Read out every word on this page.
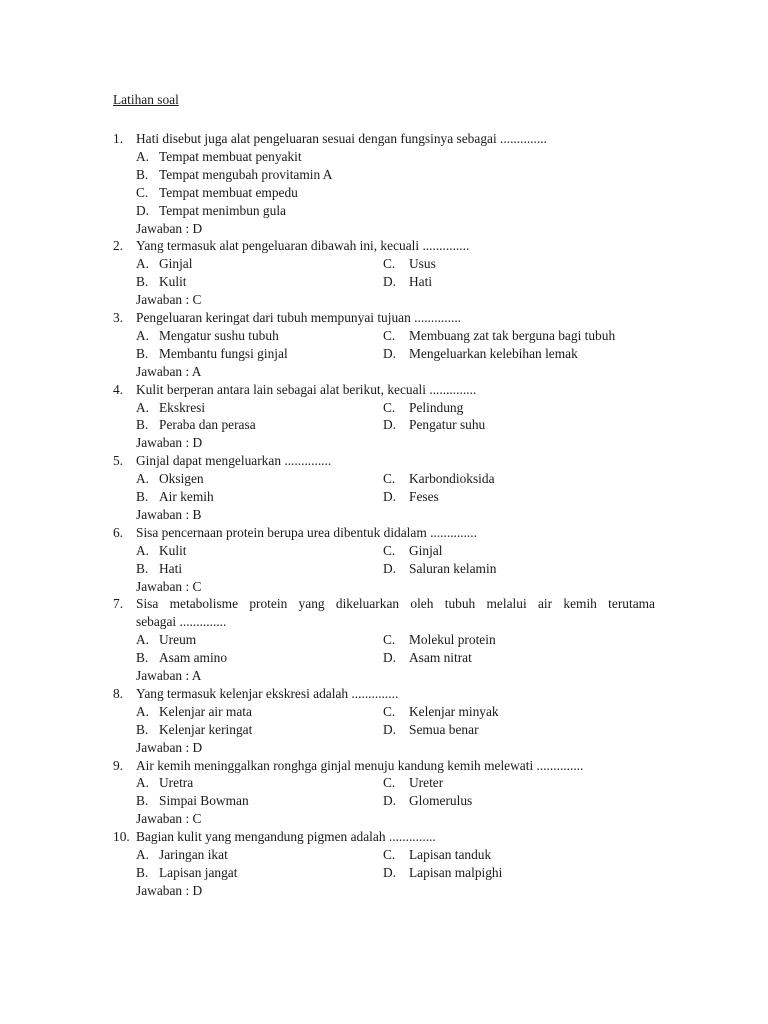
Latihan soal
1. Hati disebut juga alat pengeluaran sesuai dengan fungsinya sebagai ..............
A. Tempat membuat penyakit
B. Tempat mengubah provitamin A
C. Tempat membuat empedu
D. Tempat menimbun gula
Jawaban : D
2. Yang termasuk alat pengeluaran dibawah ini, kecuali ..............
A. Ginjal	C. Usus
B. Kulit	D. Hati
Jawaban : C
3. Pengeluaran keringat dari tubuh mempunyai tujuan ..............
A. Mengatur sushu tubuh	C. Membuang zat tak berguna bagi tubuh
B. Membantu fungsi ginjal	D. Mengeluarkan kelebihan lemak
Jawaban : A
4. Kulit berperan antara lain sebagai alat berikut, kecuali ..............
A. Ekskresi	C. Pelindung
B. Peraba dan perasa	D. Pengatur suhu
Jawaban : D
5. Ginjal dapat mengeluarkan ..............
A. Oksigen	C. Karbondioksida
B. Air kemih	D. Feses
Jawaban : B
6. Sisa pencernaan protein berupa urea dibentuk didalam ..............
A. Kulit	C. Ginjal
B. Hati	D. Saluran kelamin
Jawaban : C
7. Sisa metabolisme protein yang dikeluarkan oleh tubuh melalui air kemih terutama
sebagai ..............
A. Ureum	C. Molekul protein
B. Asam amino	D. Asam nitrat
Jawaban : A
8. Yang termasuk kelenjar ekskresi adalah ..............
A. Kelenjar air mata	C. Kelenjar minyak
B. Kelenjar keringat	D. Semua benar
Jawaban : D
9. Air kemih meninggalkan ronghga ginjal menuju kandung kemih melewati ..............
A. Uretra	C. Ureter
B. Simpai Bowman	D. Glomerulus
Jawaban : C
10. Bagian kulit yang mengandung pigmen adalah ..............
A. Jaringan ikat	C. Lapisan tanduk
B. Lapisan jangat	D. Lapisan malpighi
Jawaban : D
